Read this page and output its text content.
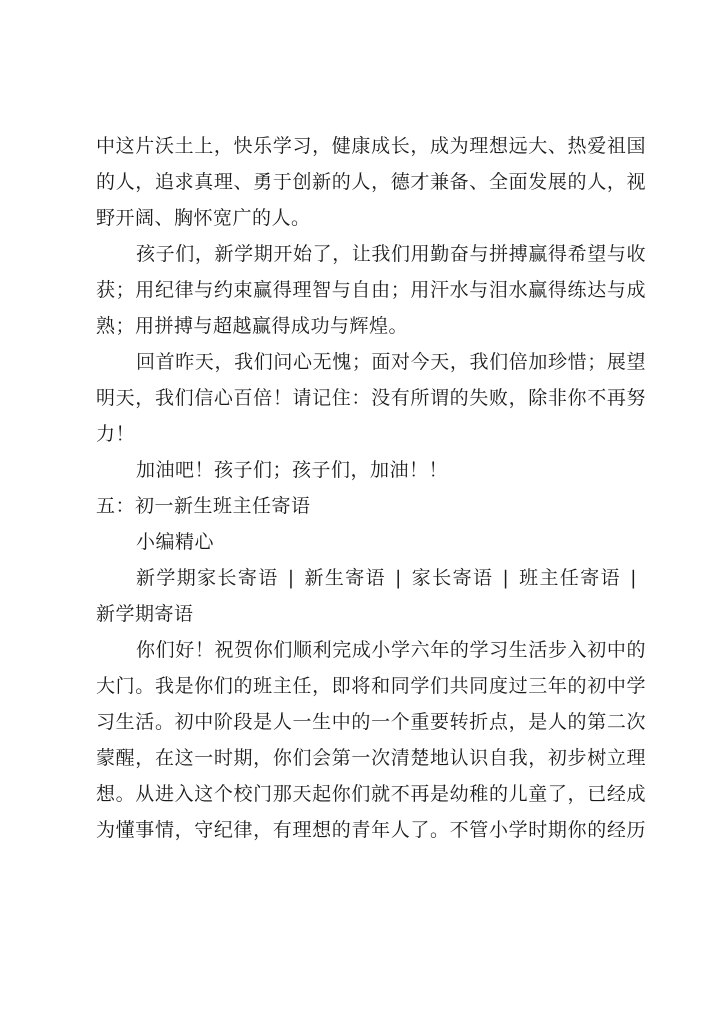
中这片沃土上，快乐学习，健康成长，成为理想远大、热爱祖国
的人，追求真理、勇于创新的人，德才兼备、全面发展的人，视
野开阔、胸怀宽广的人。
孩子们，新学期开始了，让我们用勤奋与拼搏赢得希望与收
获；用纪律与约束赢得理智与自由；用汗水与泪水赢得练达与成
熟；用拼搏与超越赢得成功与辉煌。
回首昨天，我们问心无愧；面对今天，我们倍加珍惜；展望
明天，我们信心百倍！请记住：没有所谓的失败，除非你不再努
力！
加油吧！孩子们；孩子们，加油！！
五：初一新生班主任寄语
小编精心
新学期家长寄语 | 新生寄语 | 家长寄语 | 班主任寄语 |
新学期寄语
你们好！祝贺你们顺利完成小学六年的学习生活步入初中的
大门。我是你们的班主任，即将和同学们共同度过三年的初中学
习生活。初中阶段是人一生中的一个重要转折点，是人的第二次
蒙醒，在这一时期，你们会第一次清楚地认识自我，初步树立理
想。从进入这个校门那天起你们就不再是幼稚的儿童了，已经成
为懂事情，守纪律，有理想的青年人了。不管小学时期你的经历
